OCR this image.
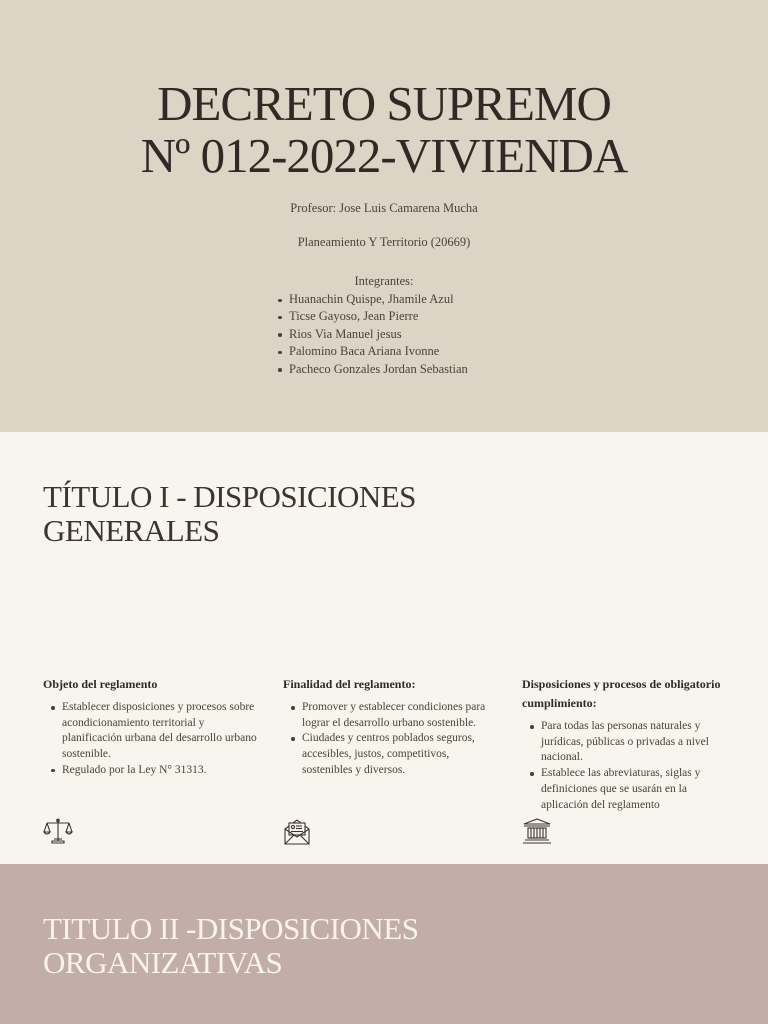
DECRETO SUPREMO
Nº 012-2022-VIVIENDA
Profesor: Jose Luis Camarena Mucha
Planeamiento Y Territorio (20669)
Integrantes:
Huanachin Quispe, Jhamile Azul
Ticse Gayoso, Jean Pierre
Rios Via Manuel jesus
Palomino Baca Ariana Ivonne
Pacheco Gonzales Jordan Sebastian
TÍTULO I - DISPOSICIONES
GENERALES
Objeto del reglamento
Establecer disposiciones y procesos sobre acondicionamiento territorial y planificación urbana del desarrollo urbano sostenible.
Regulado por la Ley N° 31313.
Finalidad del reglamento:
Promover y establecer condiciones para lograr el desarrollo urbano sostenible.
Ciudades y centros poblados seguros, accesibles, justos, competitivos, sostenibles y diversos.
Disposiciones y procesos de obligatorio cumplimiento:
Para todas las personas naturales y jurídicas, públicas o privadas a nivel nacional.
Establece las abreviaturas, siglas y definiciones que se usarán en la aplicación del reglamento
TITULO II -DISPOSICIONES
ORGANIZATIVAS
